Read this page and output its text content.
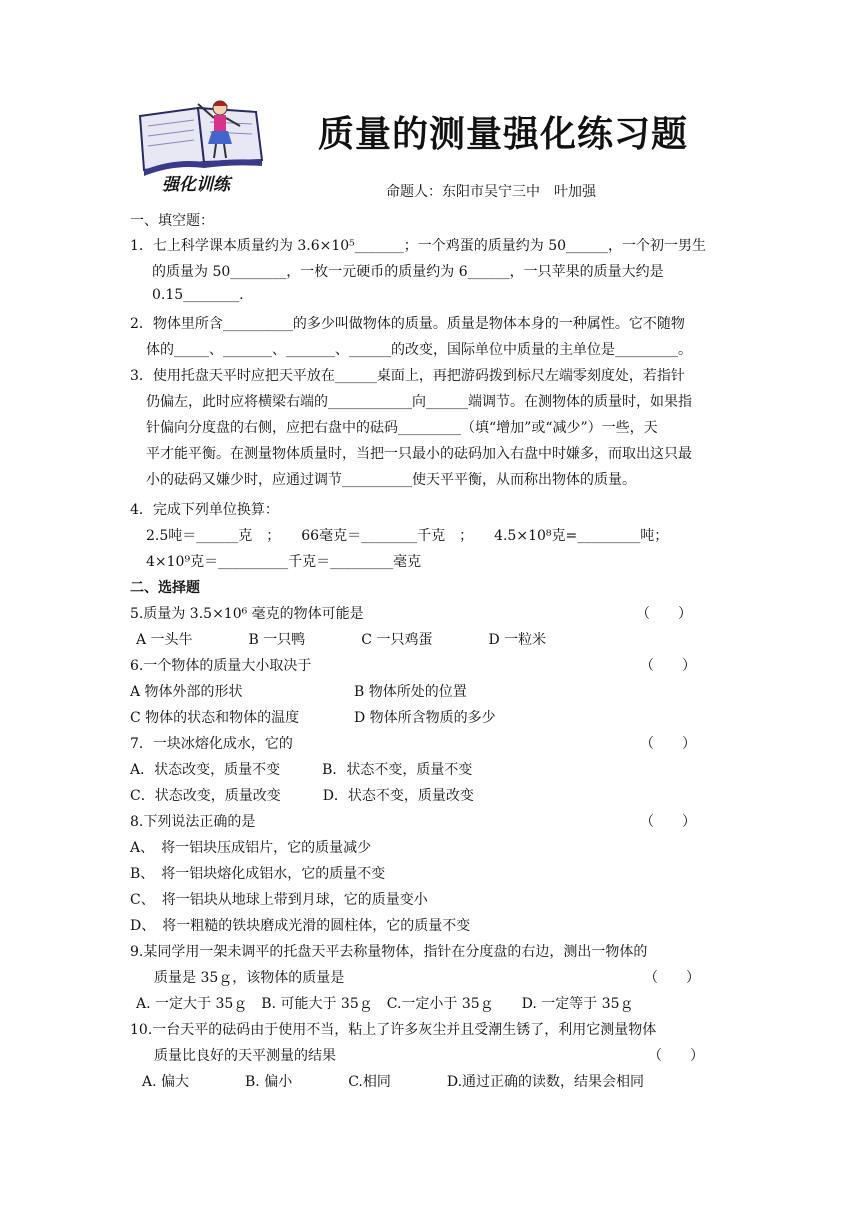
强化训练
质量的测量强化练习题
命题人：东阳市吴宁三中　叶加强
一、填空题：
1．七上科学课本质量约为 3.6×10⁵_______；一个鸡蛋的质量约为 50______，一个初一男生
的质量为 50________，一枚一元硬币的质量约为 6______，一只苹果的质量大约是
0.15________.
2．物体里所含__________的多少叫做物体的质量。质量是物体本身的一种属性。它不随物
体的_____、_______、_______、______的改变，国际单位中质量的主单位是_________。
3．使用托盘天平时应把天平放在______桌面上，再把游码拨到标尺左端零刻度处，若指针
仍偏左，此时应将横梁右端的____________向______端调节。在测物体的质量时，如果指
针偏向分度盘的右侧，应把右盘中的砝码_________（填“增加”或“减少”）一些，天
平才能平衡。在测量物体质量时，当把一只最小的砝码加入右盘中时嫌多，而取出这只最
小的砝码又嫌少时，应通过调节__________使天平平衡，从而称出物体的质量。
4．完成下列单位换算：
2.5吨＝______克　；　　66毫克＝________千克　；　　4.5×10⁸克=_________吨；
4×10⁹克＝__________千克＝_________毫克
二、选择题
5.质量为 3.5×10⁶ 毫克的物体可能是	（　　）
A 一头牛　　　　B 一只鸭　　　　C 一只鸡蛋　　　　D 一粒米
6.一个物体的质量大小取决于	（　　）
A 物体外部的形状	B 物体所处的位置
C 物体的状态和物体的温度	D 物体所含物质的多少
7．一块冰熔化成水，它的	（　　）
A．状态改变，质量不变　　　B．状态不变，质量不变
C．状态改变，质量改变　　　D．状态不变，质量改变
8.下列说法正确的是	（　　）
A、　将一铝块压成铝片，它的质量减少
B、　将一铝块熔化成铝水，它的质量不变
C、　将一铝块从地球上带到月球，它的质量变小
D、　将一粗糙的铁块磨成光滑的圆柱体，它的质量不变
9.某同学用一架未调平的托盘天平去称量物体，指针在分度盘的右边，测出一物体的
质量是 35ｇ，该物体的质量是	（　　）
A. 一定大于 35ｇ　B. 可能大于 35ｇ　C.一定小于 35ｇ　　D. 一定等于 35ｇ
10.一台天平的砝码由于使用不当，粘上了许多灰尘并且受潮生锈了，利用它测量物体
质量比良好的天平测量的结果	（　　）
A. 偏大　　　　B. 偏小　　　　C.相同　　　　D.通过正确的读数，结果会相同
